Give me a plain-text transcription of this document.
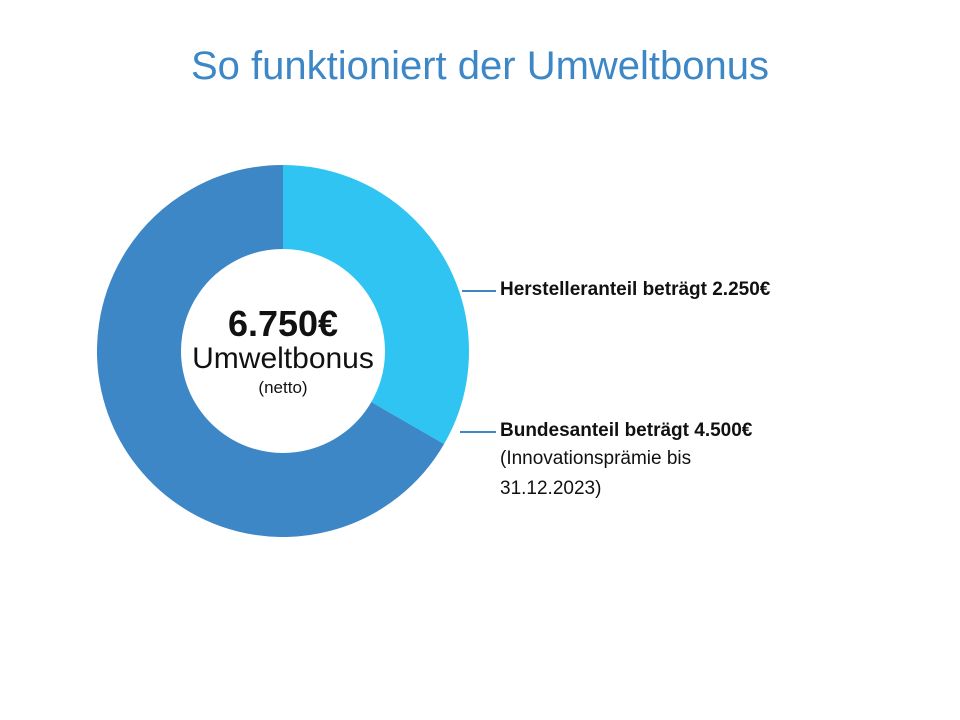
So funktioniert der Umweltbonus
6.750€
Umweltbonus
(netto)
Herstelleranteil beträgt 2.250€
Bundesanteil beträgt 4.500€
(Innovationsprämie bis 31.12.2023)
